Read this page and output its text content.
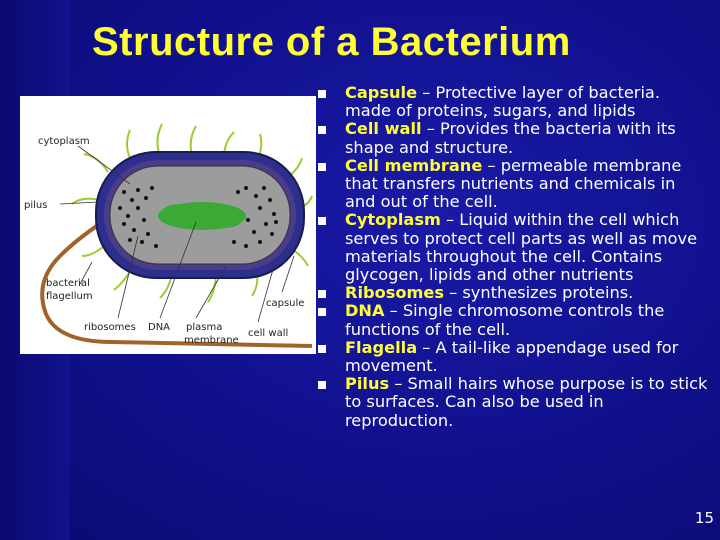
Structure of a Bacterium
cytoplasm
pilus
bacterial
flagellum
capsule
ribosomes DNA plasma
membrane
cell wall
Capsule – Protective layer of bacteria. made of proteins, sugars, and lipids
Cell wall – Provides the bacteria with its shape and structure.
Cell membrane – permeable membrane that transfers nutrients and chemicals in and out of the cell.
Cytoplasm – Liquid within the cell which serves to protect cell parts as well as move materials throughout the cell. Contains glycogen, lipids and other nutrients
Ribosomes – synthesizes proteins.
DNA – Single chromosome controls the functions of the cell.
Flagella – A tail-like appendage used for movement.
Pilus – Small hairs whose purpose is to stick to surfaces. Can also be used in reproduction.
15
